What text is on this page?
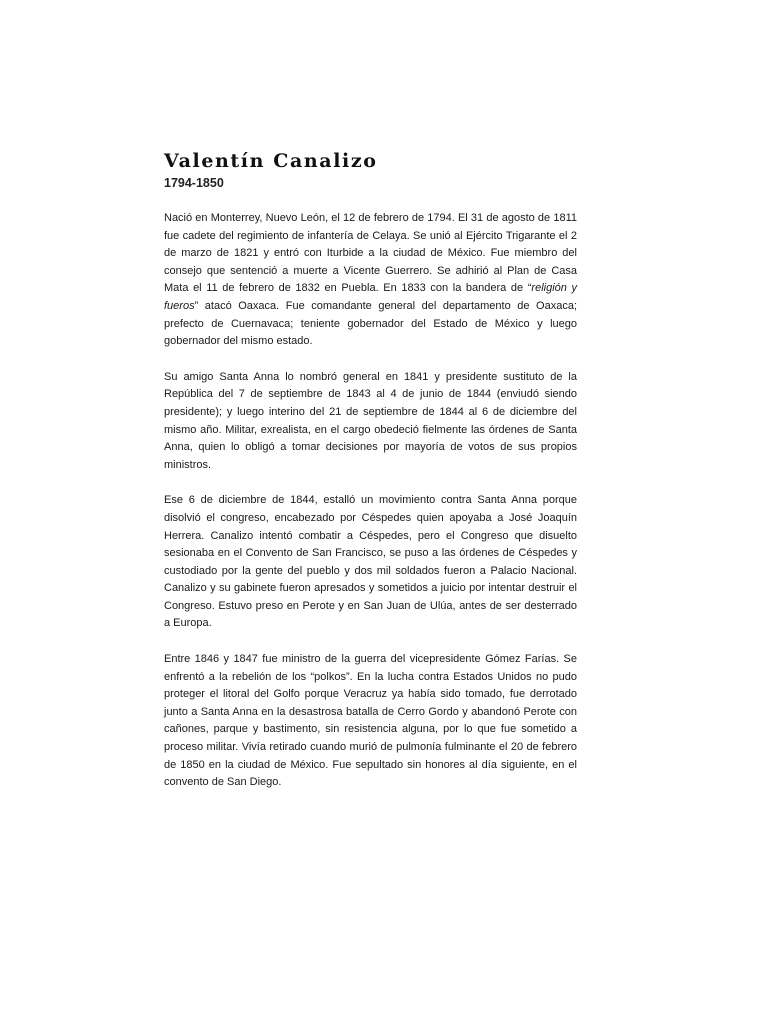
Valentín Canalizo
1794-1850

Nació en Monterrey, Nuevo León, el 12 de febrero de 1794. El 31 de agosto de 1811 fue cadete del regimiento de infantería de Celaya. Se unió al Ejército Trigarante el 2 de marzo de 1821 y entró con Iturbide a la ciudad de México. Fue miembro del consejo que sentenció a muerte a Vicente Guerrero. Se adhirió al Plan de Casa Mata el 11 de febrero de 1832 en Puebla. En 1833 con la bandera de “religión y fueros” atacó Oaxaca. Fue comandante general del departamento de Oaxaca; prefecto de Cuernavaca; teniente gobernador del Estado de México y luego gobernador del mismo estado.

Su amigo Santa Anna lo nombró general en 1841 y presidente sustituto de la República del 7 de septiembre de 1843 al 4 de junio de 1844 (enviudó siendo presidente); y luego interino del 21 de septiembre de 1844 al 6 de diciembre del mismo año. Militar, exrealista, en el cargo obedeció fielmente las órdenes de Santa Anna, quien lo obligó a tomar decisiones por mayoría de votos de sus propios ministros.

Ese 6 de diciembre de 1844, estalló un movimiento contra Santa Anna porque disolvió el congreso, encabezado por Céspedes quien apoyaba a José Joaquín Herrera. Canalizo intentó combatir a Céspedes, pero el Congreso que disuelto sesionaba en el Convento de San Francisco, se puso a las órdenes de Céspedes y custodiado por la gente del pueblo y dos mil soldados fueron a Palacio Nacional. Canalizo y su gabinete fueron apresados y sometidos a juicio por intentar destruir el Congreso. Estuvo preso en Perote y en San Juan de Ulúa, antes de ser desterrado a Europa.

Entre 1846 y 1847 fue ministro de la guerra del vicepresidente Gómez Farías. Se enfrentó a la rebelión de los “polkos”. En la lucha contra Estados Unidos no pudo proteger el litoral del Golfo porque Veracruz ya había sido tomado, fue derrotado junto a Santa Anna en la desastrosa batalla de Cerro Gordo y abandonó Perote con cañones, parque y bastimento, sin resistencia alguna, por lo que fue sometido a proceso militar. Vivía retirado cuando murió de pulmonía fulminante el 20 de febrero de 1850 en la ciudad de México. Fue sepultado sin honores al día siguiente, en el convento de San Diego.
